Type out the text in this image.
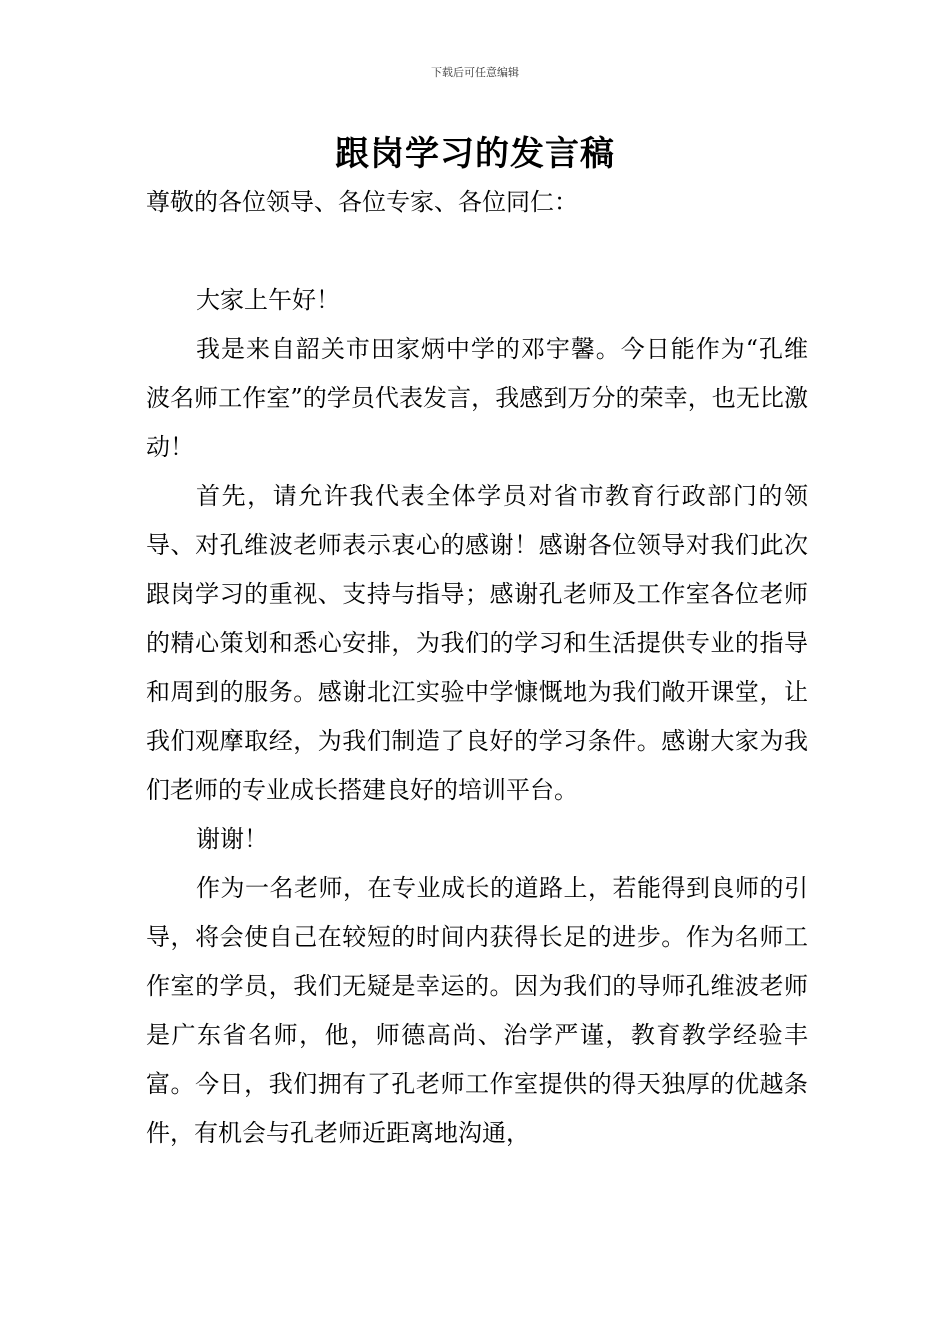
下载后可任意编辑
跟岗学习的发言稿
尊敬的各位领导、各位专家、各位同仁：

大家上午好！

我是来自韶关市田家炳中学的邓宇馨。今日能作为“孔维波名师工作室”的学员代表发言，我感到万分的荣幸，也无比激动！

首先，请允许我代表全体学员对省市教育行政部门的领导、对孔维波老师表示衷心的感谢！感谢各位领导对我们此次跟岗学习的重视、支持与指导；感谢孔老师及工作室各位老师的精心策划和悉心安排，为我们的学习和生活提供专业的指导和周到的服务。感谢北江实验中学慷慨地为我们敞开课堂，让我们观摩取经，为我们制造了良好的学习条件。感谢大家为我们老师的专业成长搭建良好的培训平台。

谢谢！

作为一名老师，在专业成长的道路上，若能得到良师的引导，将会使自己在较短的时间内获得长足的进步。作为名师工作室的学员，我们无疑是幸运的。因为我们的导师孔维波老师是广东省名师，他，师德高尚、治学严谨，教育教学经验丰富。今日，我们拥有了孔老师工作室提供的得天独厚的优越条件，有机会与孔老师近距离地沟通，
